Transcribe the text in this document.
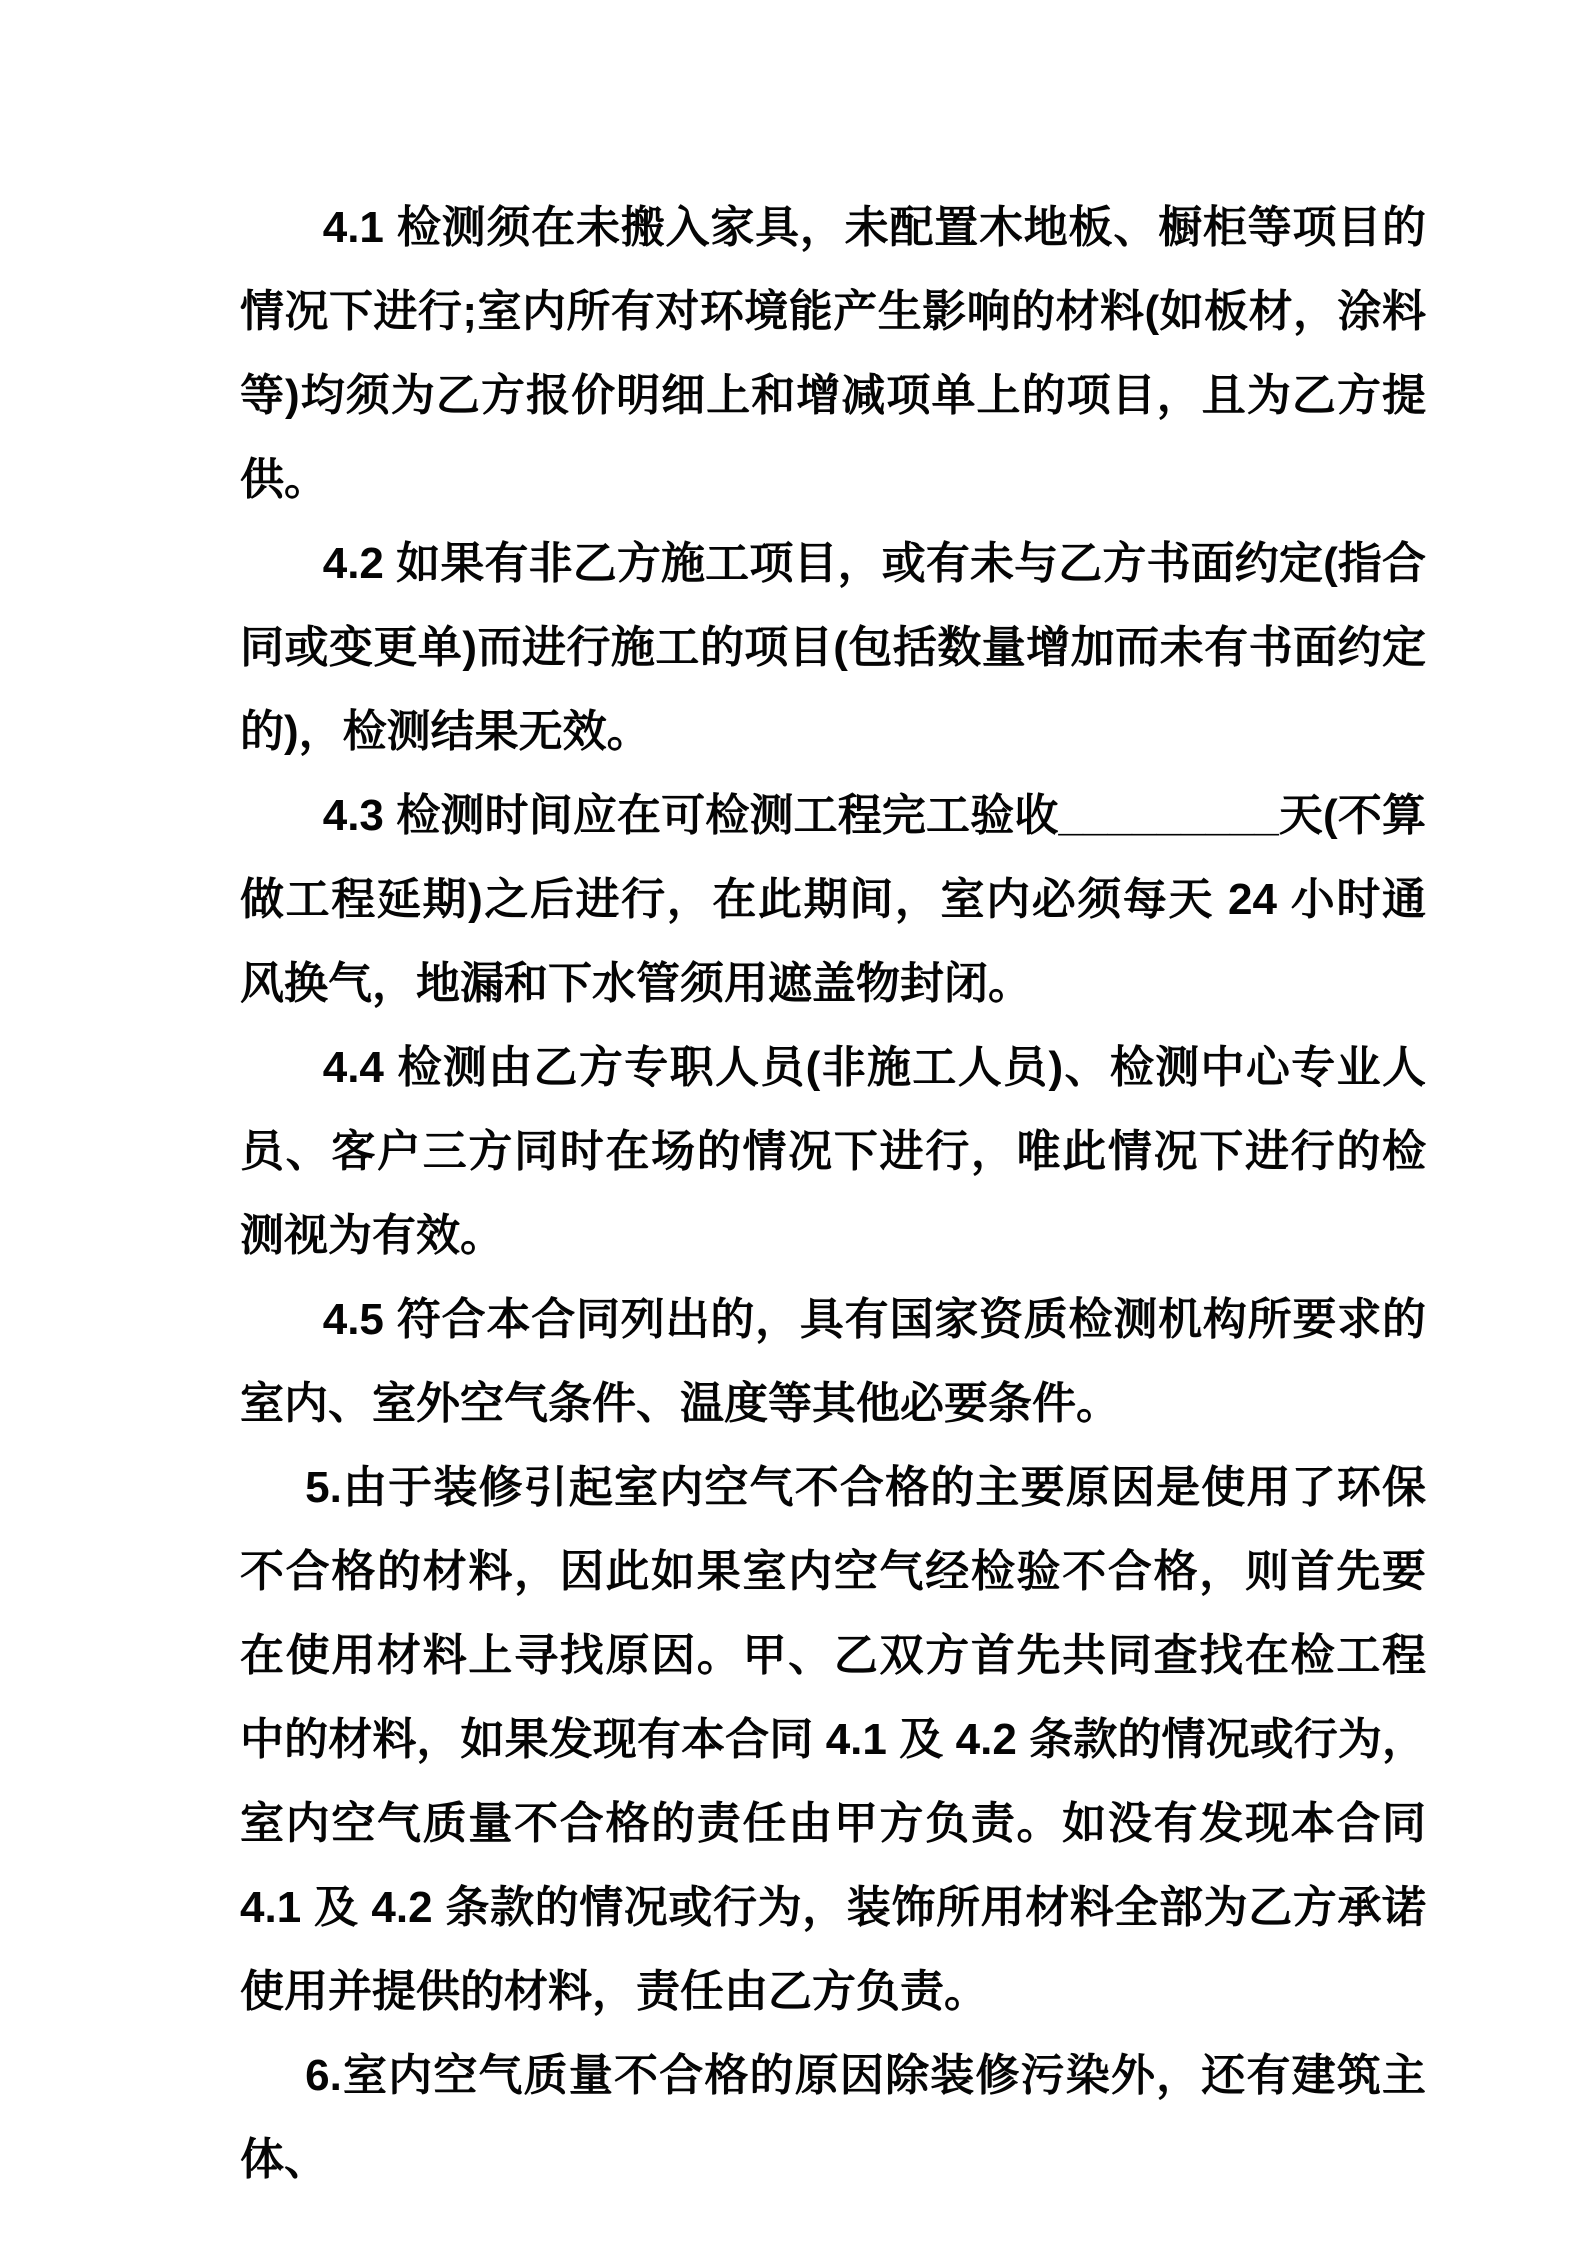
4.1 检测须在未搬入家具，未配置木地板、橱柜等项目的情况下进行;室内所有对环境能产生影响的材料(如板材，涂料等)均须为乙方报价明细上和增减项单上的项目，且为乙方提供。

4.2 如果有非乙方施工项目，或有未与乙方书面约定(指合同或变更单)而进行施工的项目(包括数量增加而未有书面约定的)，检测结果无效。

4.3 检测时间应在可检测工程完工验收_________天(不算做工程延期)之后进行，在此期间，室内必须每天 24 小时通风换气，地漏和下水管须用遮盖物封闭。

4.4 检测由乙方专职人员(非施工人员)、检测中心专业人员、客户三方同时在场的情况下进行，唯此情况下进行的检测视为有效。

4.5 符合本合同列出的，具有国家资质检测机构所要求的室内、室外空气条件、温度等其他必要条件。

5.由于装修引起室内空气不合格的主要原因是使用了环保不合格的材料，因此如果室内空气经检验不合格，则首先要在使用材料上寻找原因。甲、乙双方首先共同查找在检工程中的材料，如果发现有本合同 4.1 及 4.2 条款的情况或行为，室内空气质量不合格的责任由甲方负责。如没有发现本合同 4.1 及 4.2 条款的情况或行为，装饰所用材料全部为乙方承诺使用并提供的材料，责任由乙方负责。

6.室内空气质量不合格的原因除装修污染外，还有建筑主体、
